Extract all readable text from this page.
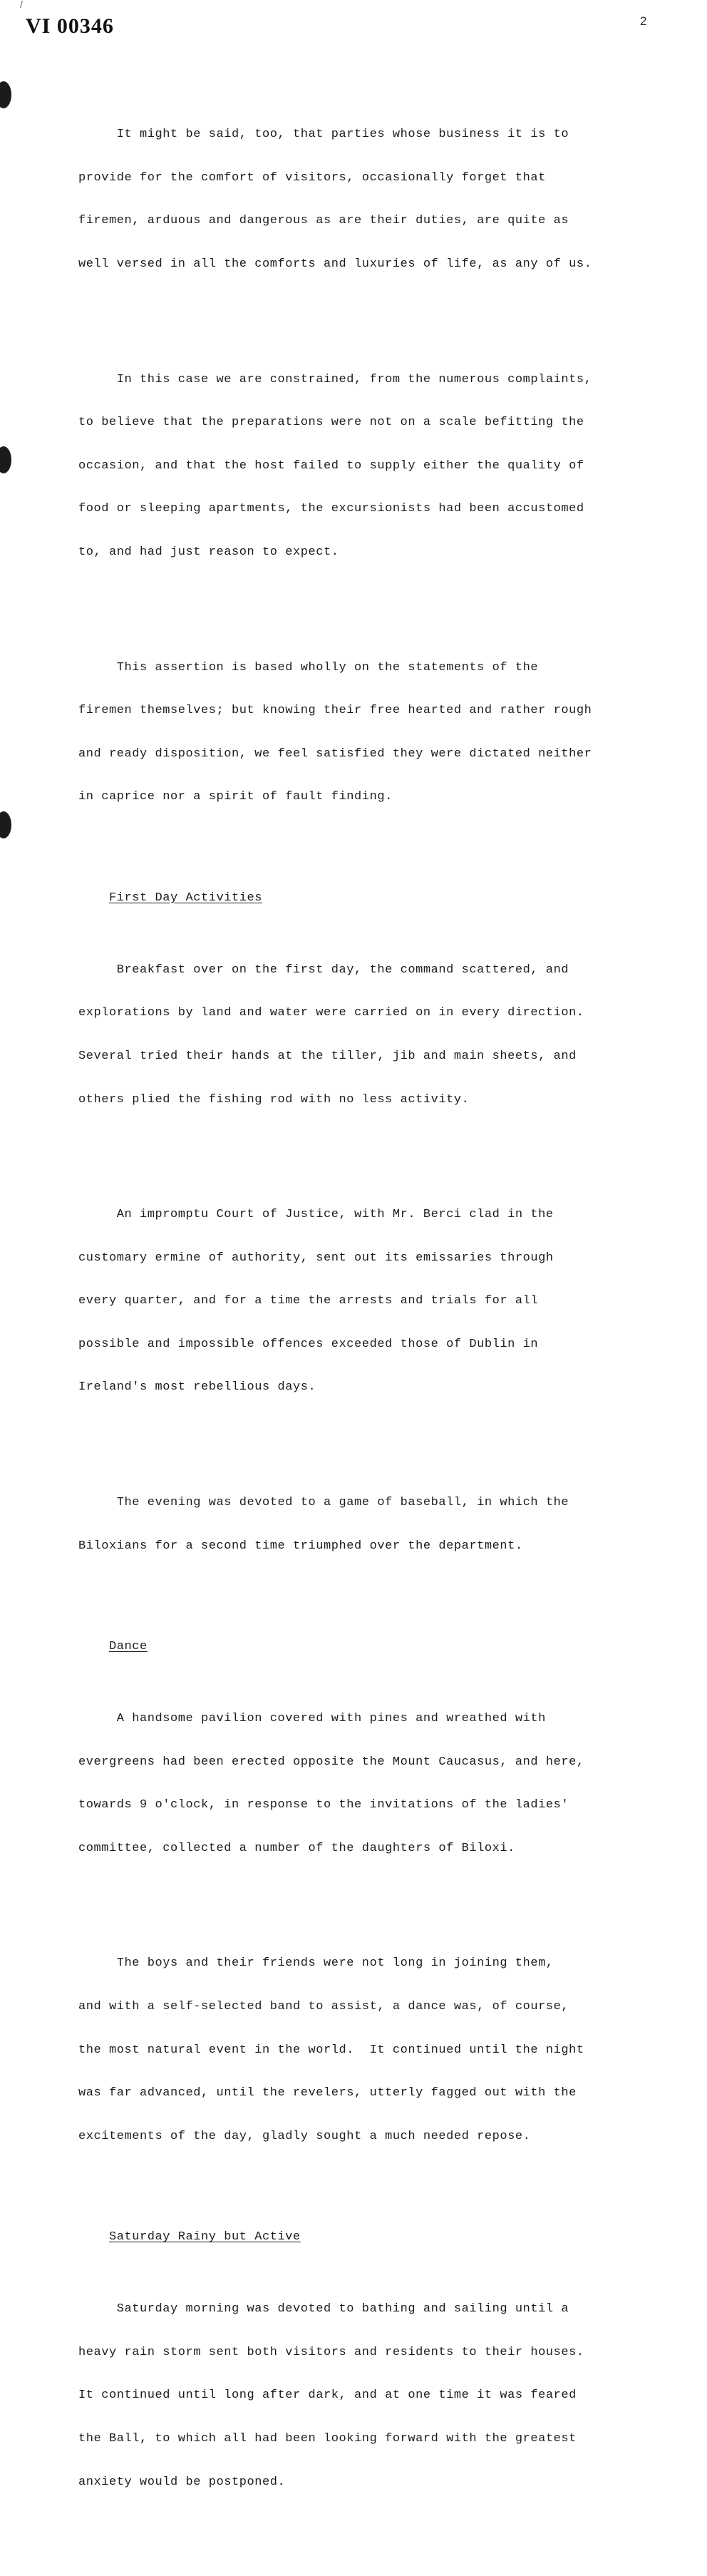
/
VI 00346	2

It might be said, too, that parties whose business it is to

provide for the comfort of visitors, occasionally forget that

firemen, arduous and dangerous as are their duties, are quite as

well versed in all the comforts and luxuries of life, as any of us.

In this case we are constrained, from the numerous complaints,

to believe that the preparations were not on a scale befitting the

occasion, and that the host failed to supply either the quality of

food or sleeping apartments, the excursionists had been accustomed

to, and had just reason to expect.

This assertion is based wholly on the statements of the

firemen themselves; but knowing their free hearted and rather rough

and ready disposition, we feel satisfied they were dictated neither

in caprice nor a spirit of fault finding.

First Day Activities

Breakfast over on the first day, the command scattered, and

explorations by land and water were carried on in every direction.

Several tried their hands at the tiller, jib and main sheets, and

others plied the fishing rod with no less activity.

An impromptu Court of Justice, with Mr. Berci clad in the

customary ermine of authority, sent out its emissaries through

every quarter, and for a time the arrests and trials for all

possible and impossible offences exceeded those of Dublin in

Ireland's most rebellious days.

The evening was devoted to a game of baseball, in which the

Biloxians for a second time triumphed over the department.

Dance

A handsome pavilion covered with pines and wreathed with

evergreens had been erected opposite the Mount Caucasus, and here,

towards 9 o'clock, in response to the invitations of the ladies'

committee, collected a number of the daughters of Biloxi.

The boys and their friends were not long in joining them,

and with a self-selected band to assist, a dance was, of course,

the most natural event in the world.  It continued until the night

was far advanced, until the revelers, utterly fagged out with the

excitements of the day, gladly sought a much needed repose.

Saturday Rainy but Active

Saturday morning was devoted to bathing and sailing until a

heavy rain storm sent both visitors and residents to their houses.

It continued until long after dark, and at one time it was feared

the Ball, to which all had been looking forward with the greatest

anxiety would be postponed.
